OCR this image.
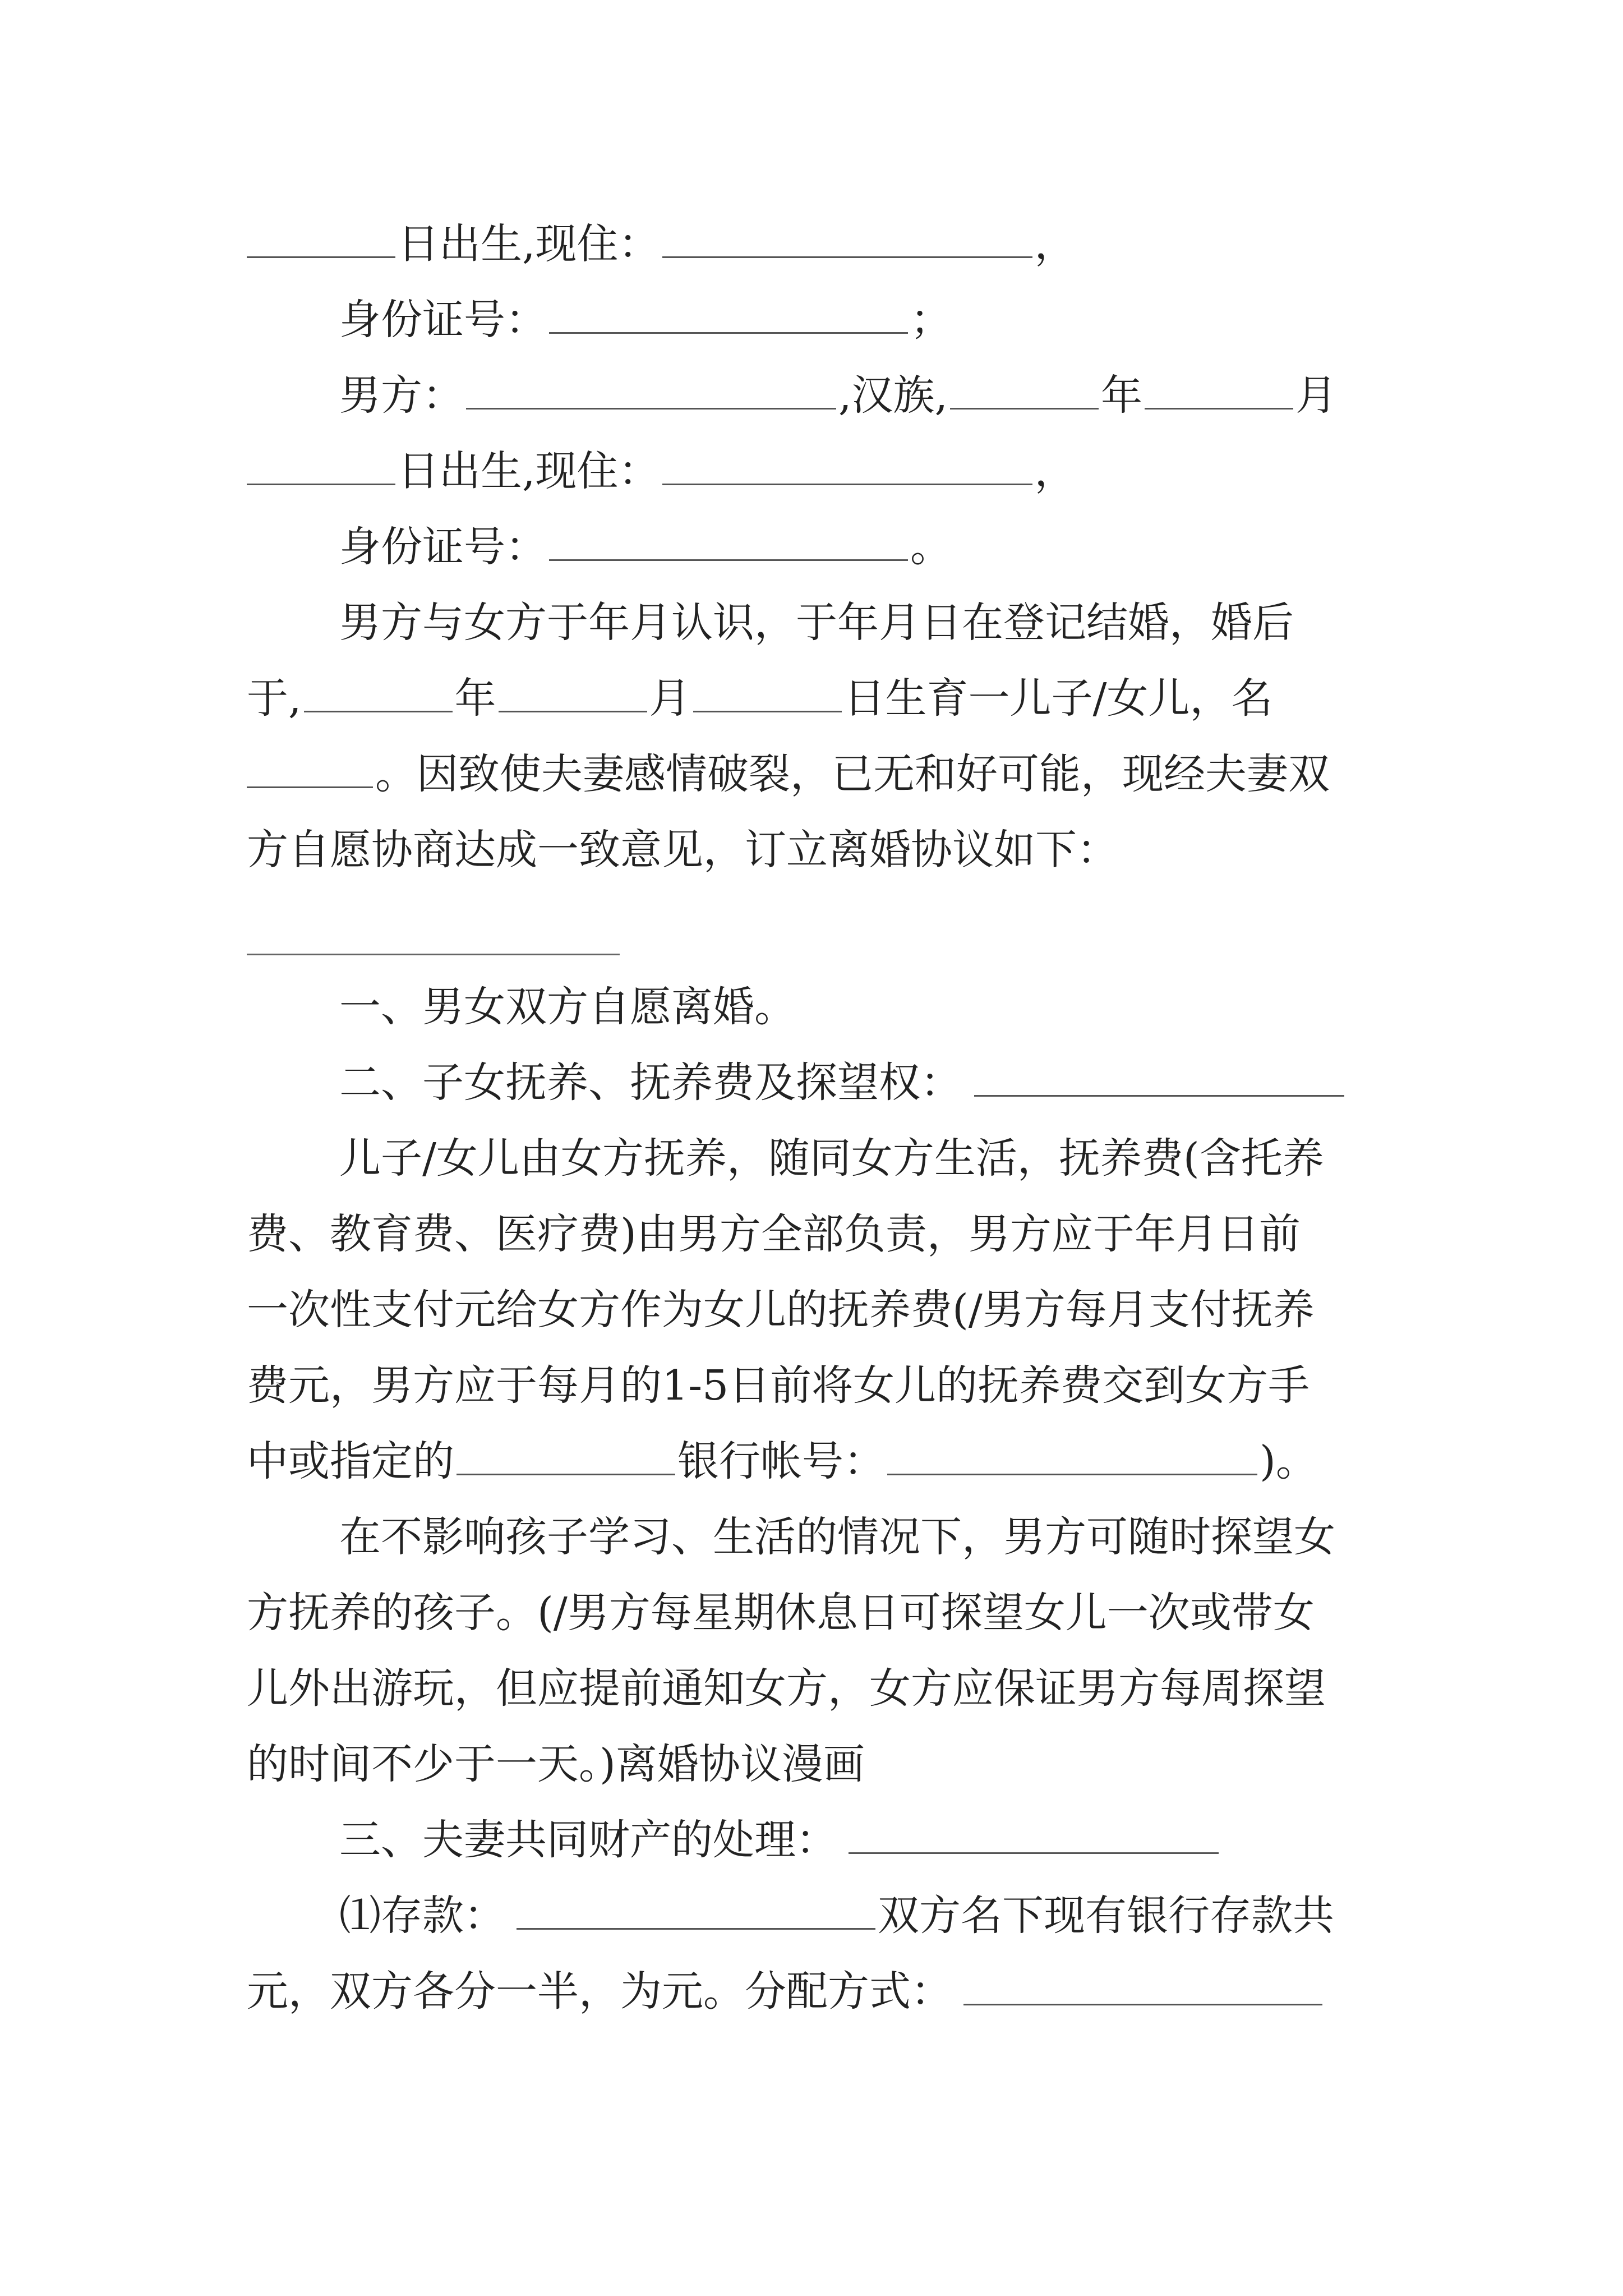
日出生,现住：	，
身份证号：	；
男方：	,汉族,	年	月
日出生,现住：	，
身份证号：	。
男方与女方于年月认识，于年月日在登记结婚，婚后
于,	年	月	日生育一儿子/女儿，名
。因致使夫妻感情破裂，已无和好可能，现经夫妻双
方自愿协商达成一致意见，订立离婚协议如下：
一、男女双方自愿离婚。
二、子女抚养、抚养费及探望权：
儿子/女儿由女方抚养，随同女方生活，抚养费(含托养
费、教育费、医疗费)由男方全部负责，男方应于年月日前
一次性支付元给女方作为女儿的抚养费(/男方每月支付抚养
费元，男方应于每月的1-5日前将女儿的抚养费交到女方手
中或指定的	银行帐号：	)。
在不影响孩子学习、生活的情况下，男方可随时探望女
方抚养的孩子。(/男方每星期休息日可探望女儿一次或带女
儿外出游玩，但应提前通知女方，女方应保证男方每周探望
的时间不少于一天。)离婚协议漫画
三、夫妻共同财产的处理：
⑴存款：	双方名下现有银行存款共
元，双方各分一半，为元。分配方式：
